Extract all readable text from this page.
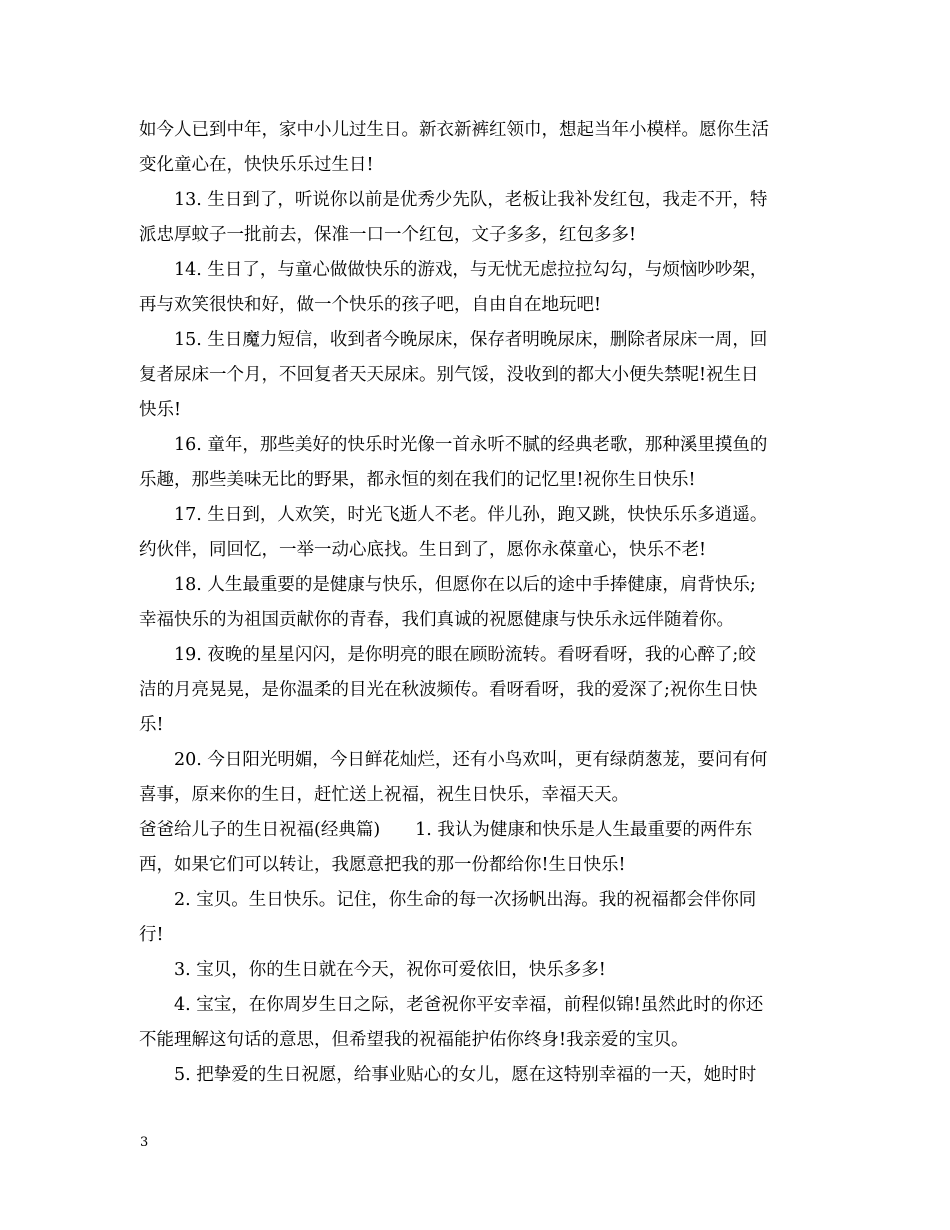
如今人已到中年，家中小儿过生日。新衣新裤红领巾，想起当年小模样。愿你生活
变化童心在，快快乐乐过生日!
13. 生日到了，听说你以前是优秀少先队，老板让我补发红包，我走不开，特
派忠厚蚊子一批前去，保准一口一个红包，文子多多，红包多多!
14. 生日了，与童心做做快乐的游戏，与无忧无虑拉拉勾勾，与烦恼吵吵架，
再与欢笑很快和好，做一个快乐的孩子吧，自由自在地玩吧!
15. 生日魔力短信，收到者今晚尿床，保存者明晚尿床，删除者尿床一周，回
复者尿床一个月，不回复者天天尿床。别气馁，没收到的都大小便失禁呢!祝生日
快乐!
16. 童年，那些美好的快乐时光像一首永听不腻的经典老歌，那种溪里摸鱼的
乐趣，那些美味无比的野果，都永恒的刻在我们的记忆里!祝你生日快乐!
17. 生日到，人欢笑，时光飞逝人不老。伴儿孙，跑又跳，快快乐乐多逍遥。
约伙伴，同回忆，一举一动心底找。生日到了，愿你永葆童心，快乐不老!
18. 人生最重要的是健康与快乐，但愿你在以后的途中手捧健康，肩背快乐;
幸福快乐的为祖国贡献你的青春，我们真诚的祝愿健康与快乐永远伴随着你。
19. 夜晚的星星闪闪，是你明亮的眼在顾盼流转。看呀看呀，我的心醉了;皎
洁的月亮晃晃，是你温柔的目光在秋波频传。看呀看呀，我的爱深了;祝你生日快
乐!
20. 今日阳光明媚，今日鲜花灿烂，还有小鸟欢叫，更有绿荫葱茏，要问有何
喜事，原来你的生日，赶忙送上祝福，祝生日快乐，幸福天天。
爸爸给儿子的生日祝福(经典篇)　　1. 我认为健康和快乐是人生最重要的两件东
西，如果它们可以转让，我愿意把我的那一份都给你!生日快乐!
2. 宝贝。生日快乐。记住，你生命的每一次扬帆出海。我的祝福都会伴你同
行!
3. 宝贝，你的生日就在今天，祝你可爱依旧，快乐多多!
4. 宝宝，在你周岁生日之际，老爸祝你平安幸福，前程似锦!虽然此时的你还
不能理解这句话的意思，但希望我的祝福能护佑你终身!我亲爱的宝贝。
5. 把挚爱的生日祝愿，给事业贴心的女儿，愿在这特别幸福的一天，她时时
3
